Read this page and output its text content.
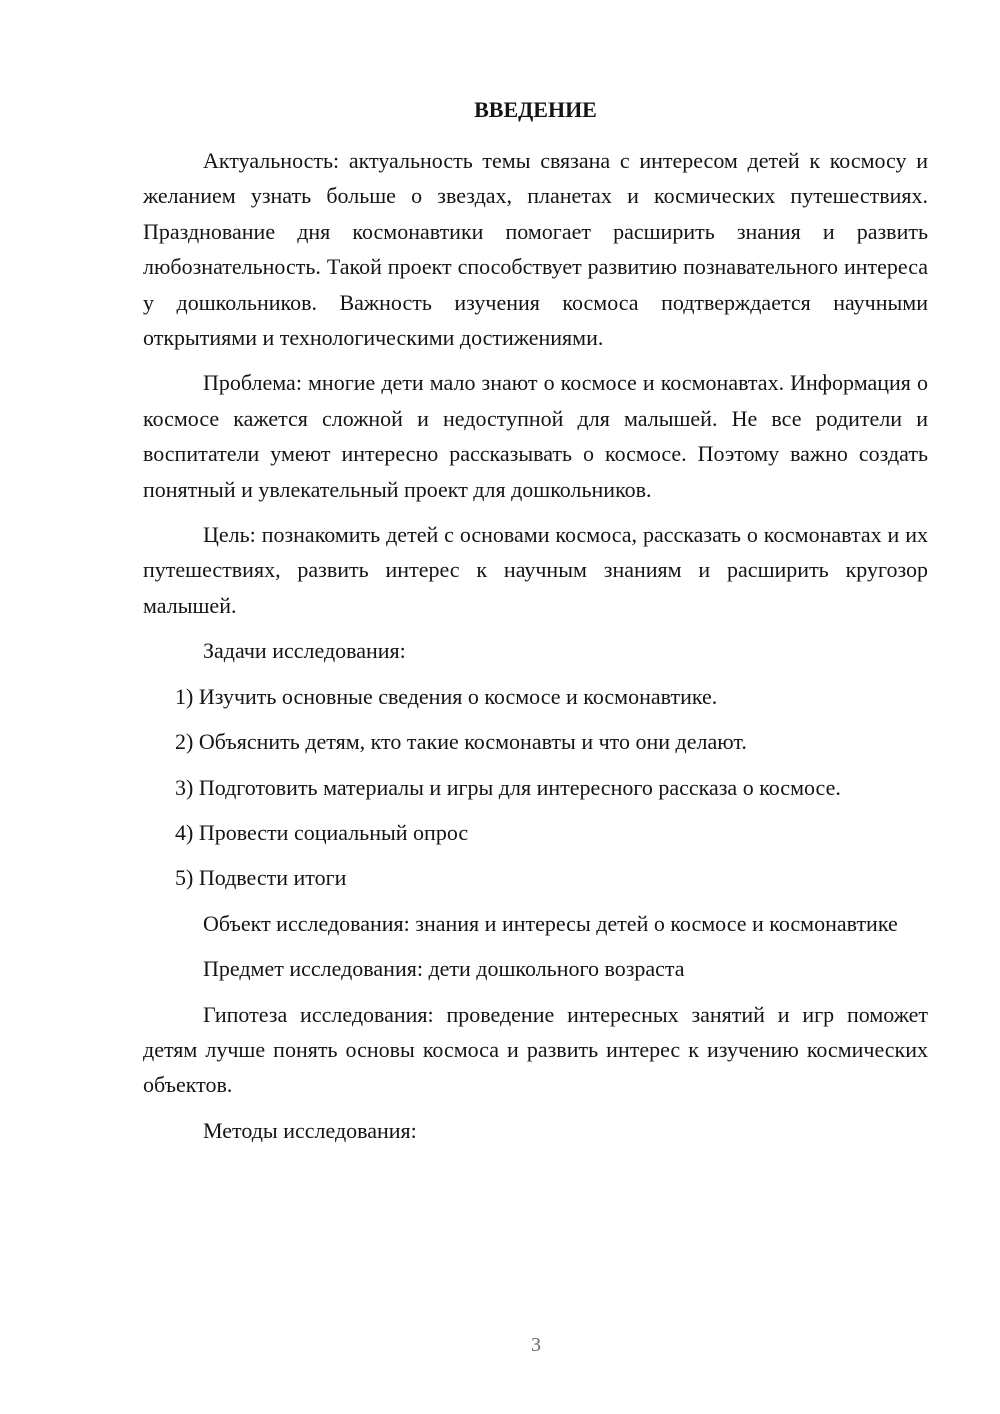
ВВЕДЕНИЕ

Актуальность: актуальность темы связана с интересом детей к космосу и желанием узнать больше о звездах, планетах и космических путешествиях. Празднование дня космонавтики помогает расширить знания и развить любознательность. Такой проект способствует развитию познавательного интереса у дошкольников. Важность изучения космоса подтверждается научными открытиями и технологическими достижениями.

Проблема: многие дети мало знают о космосе и космонавтах. Информация о космосе кажется сложной и недоступной для малышей. Не все родители и воспитатели умеют интересно рассказывать о космосе. Поэтому важно создать понятный и увлекательный проект для дошкольников.

Цель: познакомить детей с основами космоса, рассказать о космонавтах и их путешествиях, развить интерес к научным знаниям и расширить кругозор малышей.

Задачи исследования:

1) Изучить основные сведения о космосе и космонавтике.

2) Объяснить детям, кто такие космонавты и что они делают.

3) Подготовить материалы и игры для интересного рассказа о космосе.

4) Провести социальный опрос

5) Подвести итоги

Объект исследования: знания и интересы детей о космосе и космонавтике

Предмет исследования: дети дошкольного возраста

Гипотеза исследования: проведение интересных занятий и игр поможет детям лучше понять основы космоса и развить интерес к изучению космических объектов.

Методы исследования:

3
